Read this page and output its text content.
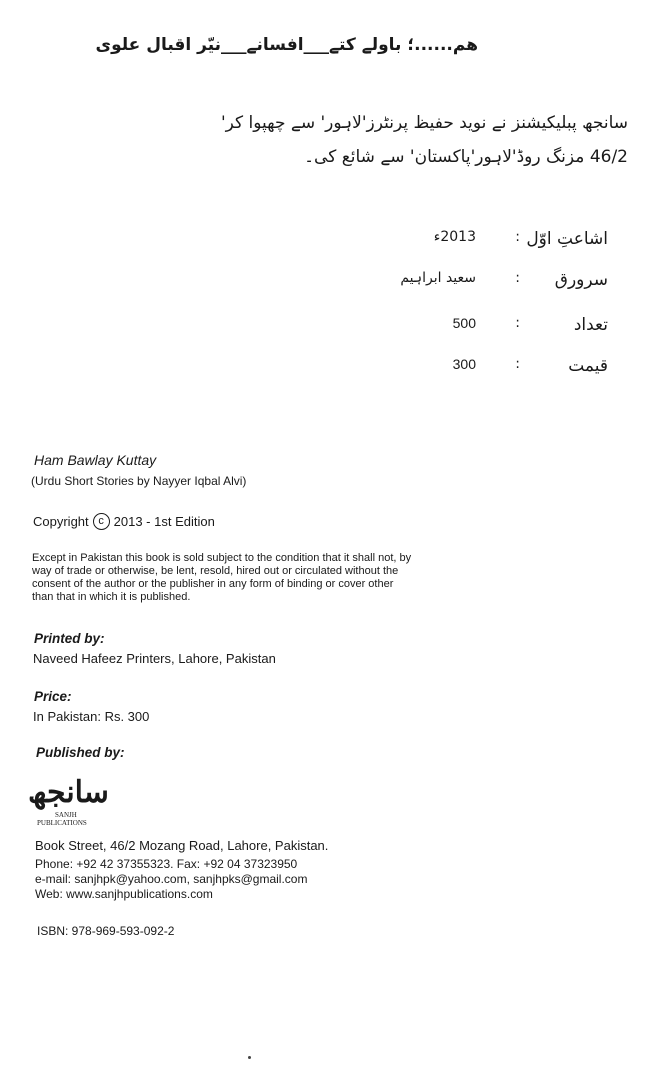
ھم......؛ باولے کتے___افسانے___نیّر اقبال علوی
سانجھ پبلیکیشنز نے نوید حفیظ پرنٹرز'لاہور' سے چھپوا کر'
46/2 مزنگ روڈ'لاہور'پاکستان' سے شائع کی۔
اشاعتِ اوّل
:
2013ء
سرورق
:
سعید ابراہیم
تعداد
:
500
قیمت
:
300
Ham Bawlay Kuttay
(Urdu Short Stories by Nayyer Iqbal Alvi)
Copyright c 2013 - 1st Edition
Except in Pakistan this book is sold subject to the condition that it shall not, by way of trade or otherwise, be lent, resold, hired out or circulated without the consent of the author or the publisher in any form of binding or cover other than that in which it is published.
Printed by:
Naveed Hafeez Printers, Lahore, Pakistan
Price:
In Pakistan: Rs. 300
Published by:
سانجھ
SANJH
PUBLICATIONS
Book Street, 46/2 Mozang Road, Lahore, Pakistan.
Phone: +92 42 37355323. Fax: +92 04 37323950
e-mail: sanjhpk@yahoo.com, sanjhpks@gmail.com
Web: www.sanjhpublications.com
ISBN: 978-969-593-092-2
